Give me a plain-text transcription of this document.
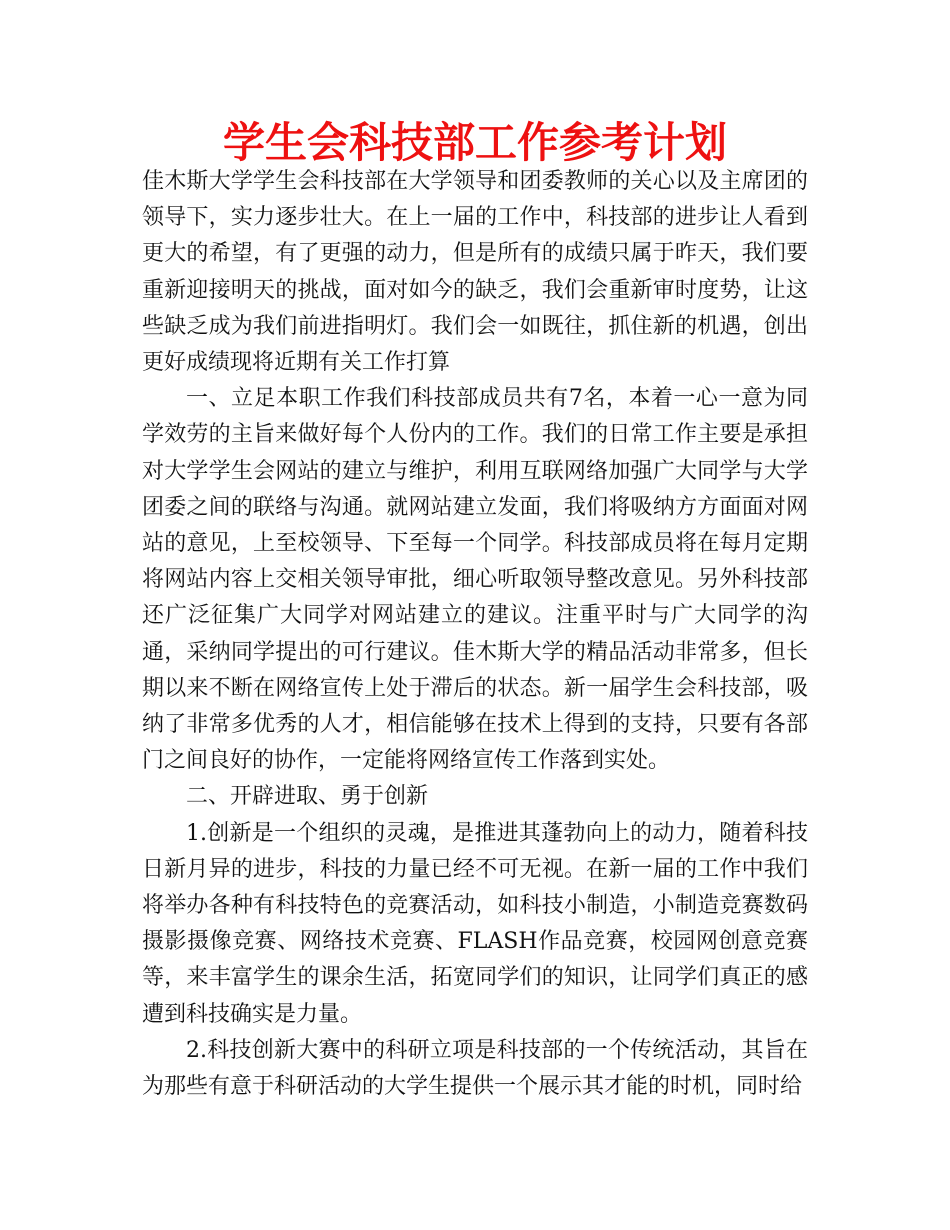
学生会科技部工作参考计划

佳木斯大学学生会科技部在大学领导和团委教师的关心以及主席团的领导下，实力逐步壮大。在上一届的工作中，科技部的进步让人看到更大的希望，有了更强的动力，但是所有的成绩只属于昨天，我们要重新迎接明天的挑战，面对如今的缺乏，我们会重新审时度势，让这些缺乏成为我们前进指明灯。我们会一如既往，抓住新的机遇，创出更好成绩现将近期有关工作打算

一、立足本职工作我们科技部成员共有7名，本着一心一意为同学效劳的主旨来做好每个人份内的工作。我们的日常工作主要是承担对大学学生会网站的建立与维护，利用互联网络加强广大同学与大学团委之间的联络与沟通。就网站建立发面，我们将吸纳方方面面对网站的意见，上至校领导、下至每一个同学。科技部成员将在每月定期将网站内容上交相关领导审批，细心听取领导整改意见。另外科技部还广泛征集广大同学对网站建立的建议。注重平时与广大同学的沟通，采纳同学提出的可行建议。佳木斯大学的精品活动非常多，但长期以来不断在网络宣传上处于滞后的状态。新一届学生会科技部，吸纳了非常多优秀的人才，相信能够在技术上得到的支持，只要有各部门之间良好的协作，一定能将网络宣传工作落到实处。

二、开辟进取、勇于创新

1.创新是一个组织的灵魂，是推进其蓬勃向上的动力，随着科技日新月异的进步，科技的力量已经不可无视。在新一届的工作中我们将举办各种有科技特色的竞赛活动，如科技小制造，小制造竞赛数码摄影摄像竞赛、网络技术竞赛、FLASH作品竞赛，校园网创意竞赛等，来丰富学生的课余生活，拓宽同学们的知识，让同学们真正的感遭到科技确实是力量。

2.科技创新大赛中的科研立项是科技部的一个传统活动，其旨在为那些有意于科研活动的大学生提供一个展示其才能的时机，同时给
